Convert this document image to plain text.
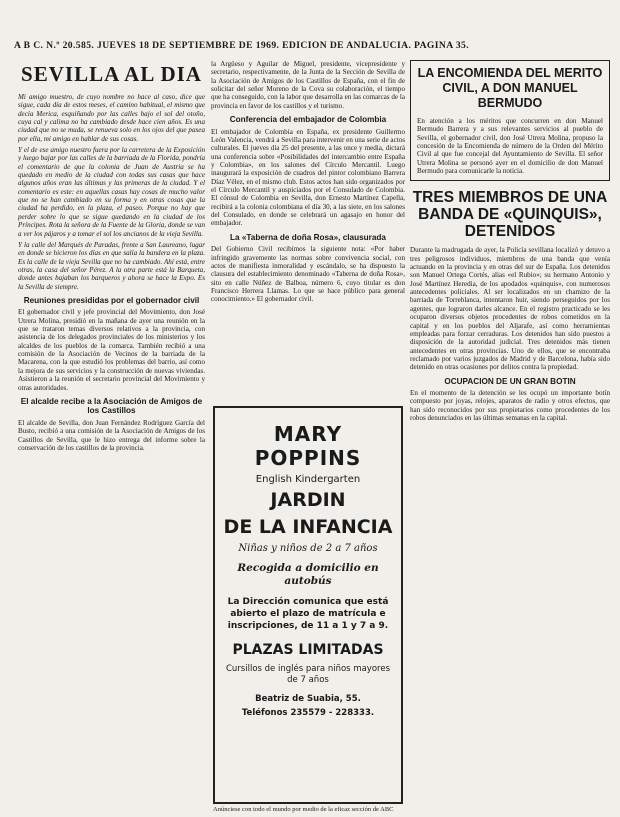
A B C. N.º 20.585. JUEVES 18 DE SEPTIEMBRE DE 1969. EDICION DE ANDALUCIA. PAGINA 35.
SEVILLA AL DIA

Mi amigo muestro, de cuyo nombre no hace al caso, dice que sigue, cada día de estos meses, el camino habitual, el mismo que decía Merica, esquiñando por las calles bajo el sol del otoño, cuya cal y calima no ha cambiado desde hace cien años. Es una ciudad que no se muda, se renueva solo en los ojos del que pasea por ella, mi amigo en hablar de sus cosas.

Y el de ese amigo nuestro fuera por la carretera de la Exposición y luego bajar por las calles de la barriada de la Florida, pondría el comentario de que la colonia de Juan de Austria se ha quedado en medio de la ciudad con todas sus casas que hace algunos años eran las últimas y las primeras de la ciudad. Y el comentario es este: en aquellas casas hay cosas de mucho valor que no se han cambiado en su forma y en otras cosas que la ciudad ha perdido, en la plaza, el paseo. Porque no hay que perder sobre lo que se sigue quedando en la ciudad de los Príncipes. Rota la señora de la Fuente de la Gloria, donde se van a ver los pájaros y a tomar el sol los ancianos de la vieja Sevilla.

Y la calle del Marqués de Paradas, frente a San Laureano, lugar en donde se hicieron los días en que salía la bandera en la plaza. Es la calle de la vieja Sevilla que no ha cambiado. Ahí está, entre otras, la casa del señor Pérez. A la otra parte está la Barqueta, donde antes bajaban los barqueros y ahora se hace la Expo. Es la Sevilla de siempre.

Reuniones presididas por el gobernador civil

El gobernador civil y jefe provincial del Movimiento, don José Utrera Molina, presidió en la mañana de ayer una reunión en la que se trataron temas diversos relativos a la provincia, con asistencia de los delegados provinciales de los ministerios y los alcaldes de los pueblos de la comarca. También recibió a una comisión de la Asociación de Vecinos de la barriada de la Macarena, con la que estudió los problemas del barrio, así como la mejora de sus servicios y la construcción de nuevas viviendas. Asistieron a la reunión el secretario provincial del Movimiento y otras autoridades.

El alcalde recibe a la Asociación de Amigos de los Castillos

El alcalde de Sevilla, don Juan Fernández Rodríguez García del Busto, recibió a una comisión de la Asociación de Amigos de los Castillos de Sevilla, que le hizo entrega del informe sobre la conservación de los castillos de la provincia.

la Argüeso y Aguilar de Miguel, presidente, vicepresidente y secretario, respectivamente, de la Junta de la Sección de Sevilla de la Asociación de Amigos de los Castillos de España, con el fin de solicitar del señor Moreno de la Cova su colaboración, el tiempo que ha conseguido, con la labor que desarrolla en las comarcas de la provincia en favor de los castillos y el turismo.

Conferencia del embajador de Colombia

El embajador de Colombia en España, ex presidente Guillermo León Valencia, vendrá a Sevilla para intervenir en una serie de actos culturales. El jueves día 25 del presente, a las once y media, dictará una conferencia sobre «Posibilidades del intercambio entre España y Colombia», en los salones del Círculo Mercantil. Luego inaugurará la exposición de cuadros del pintor colombiano Barrera Díaz Vélez, en el mismo club. Estos actos han sido organizados por el Círculo Mercantil y auspiciados por el Consulado de Colombia. El cónsul de Colombia en Sevilla, don Ernesto Martínez Capella, recibirá a la colonia colombiana el día 30, a las siete, en los salones del Consulado, en donde se celebrará un agasajo en honor del embajador.

La «Taberna de doña Rosa», clausurada

Del Gobierno Civil recibimos la siguiente nota: «Por haber infringido gravemente las normas sobre convivencia social, con actos de manifiesta inmoralidad y escándalo, se ha dispuesto la clausura del establecimiento denominado «Taberna de doña Rosa», sito en calle Núñez de Balboa, número 6, cuyo titular es don Francisco Herrera Llamas. Lo que se hace público para general conocimiento.» El gobernador civil.

MARY POPPINS
English Kindergarten
JARDIN
DE LA INFANCIA
Niñas y niños de 2 a 7 años
Recogida a domicilio en autobús
La Dirección comunica que está abierto el plazo de matrícula e inscripciones, de 11 a 1 y 7 a 9.
PLAZAS LIMITADAS
Cursillos de inglés para niños mayores de 7 años
Beatriz de Suabia, 55.
Teléfonos 235579 - 228333.
Anúnciese con todo el mundo por medio de la eficaz sección de ABC
LA ENCOMIENDA DEL MERITO CIVIL, A DON MANUEL BERMUDO

En atención a los méritos que concurren en don Manuel Bermudo Barrera y a sus relevantes servicios al pueblo de Sevilla, el gobernador civil, don José Utrera Molina, propuso la concesión de la Encomienda de número de la Orden del Mérito Civil al que fue concejal del Ayuntamiento de Sevilla. El señor Utrera Molina se personó ayer en el domicilio de don Manuel Bermudo para comunicarle la noticia.

TRES MIEMBROS DE UNA BANDA DE «QUINQUIS», DETENIDOS

Durante la madrugada de ayer, la Policía sevillana localizó y detuvo a tres peligrosos individuos, miembros de una banda que venía actuando en la provincia y en otras del sur de España. Los detenidos son Manuel Ortega Cortés, alias «el Rubio»; su hermano Antonio y José Martínez Heredia, de los apodados «quinquis», con numerosos antecedentes policiales. Al ser localizados en un chamizo de la barriada de Torreblanca, intentaron huir, siendo perseguidos por los agentes, que lograron darles alcance. En el registro practicado se les ocuparon diversos objetos procedentes de robos cometidos en la capital y en los pueblos del Aljarafe, así como herramientas empleadas para forzar cerraduras. Los detenidos han sido puestos a disposición de la autoridad judicial. Tres detenidos más tienen antecedentes en otras provincias. Uno de ellos, que se encontraba reclamado por varios juzgados de Madrid y de Barcelona, había sido detenido en otras ocasiones por delitos contra la propiedad.

OCUPACION DE UN GRAN BOTIN

En el momento de la detención se les ocupó un importante botín compuesto por joyas, relojes, aparatos de radio y otros efectos, que han sido reconocidos por sus propietarios como procedentes de los robos denunciados en las últimas semanas en la capital.
